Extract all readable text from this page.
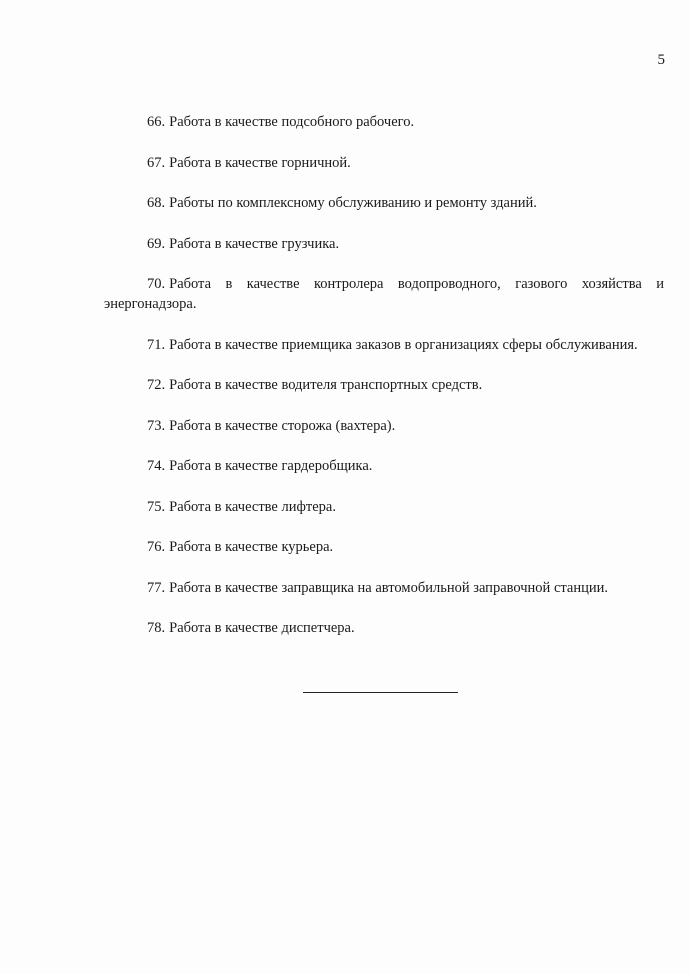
5

66. Работа в качестве подсобного рабочего.

67. Работа в качестве горничной.

68. Работы по комплексному обслуживанию и ремонту зданий.

69. Работа в качестве грузчика.

70. Работа в качестве контролера водопроводного, газового хозяйства и энергонадзора.

71. Работа в качестве приемщика заказов в организациях сферы обслуживания.

72. Работа в качестве водителя транспортных средств.

73. Работа в качестве сторожа (вахтера).

74. Работа в качестве гардеробщика.

75. Работа в качестве лифтера.

76. Работа в качестве курьера.

77. Работа в качестве заправщика на автомобильной заправочной станции.

78. Работа в качестве диспетчера.
